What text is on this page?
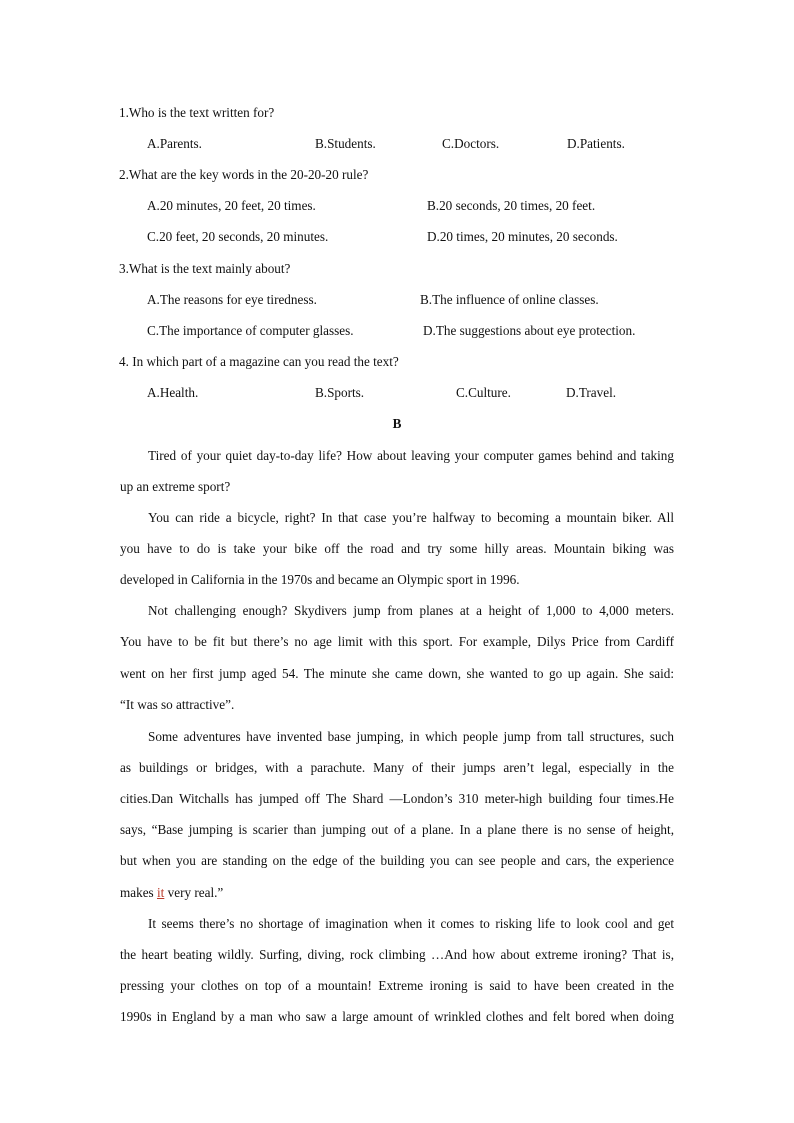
1.Who is the text written for?
A.Parents.	B.Students.	C.Doctors.	D.Patients.
2.What are the key words in the 20-20-20 rule?
A.20 minutes, 20 feet, 20 times.	B.20 seconds, 20 times, 20 feet.
C.20 feet, 20 seconds, 20 minutes.	D.20 times, 20 minutes, 20 seconds.
3.What is the text mainly about?
A.The reasons for eye tiredness.	B.The influence of online classes.
C.The importance of computer glasses.	D.The suggestions about eye protection.
4. In which part of a magazine can you read the text?
A.Health.	B.Sports.	C.Culture.	D.Travel.
B
Tired of your quiet day-to-day life? How about leaving your computer games behind and taking
up an extreme sport?
You can ride a bicycle, right? In that case you’re halfway to becoming a mountain biker. All
you have to do is take your bike off the road and try some hilly areas. Mountain biking was
developed in California in the 1970s and became an Olympic sport in 1996.
Not challenging enough? Skydivers jump from planes at a height of 1,000 to 4,000 meters.
You have to be fit but there’s no age limit with this sport. For example, Dilys Price from Cardiff
went on her first jump aged 54. The minute she came down, she wanted to go up again. She said:
“It was so attractive”.
Some adventures have invented base jumping, in which people jump from tall structures, such
as buildings or bridges, with a parachute. Many of their jumps aren’t legal, especially in the
cities.Dan Witchalls has jumped off The Shard —London’s 310 meter-high building four times.He
says, “Base jumping is scarier than jumping out of a plane. In a plane there is no sense of height,
but when you are standing on the edge of the building you can see people and cars, the experience
makes it very real.”
It seems there’s no shortage of imagination when it comes to risking life to look cool and get
the heart beating wildly. Surfing, diving, rock climbing …And how about extreme ironing? That is,
pressing your clothes on top of a mountain! Extreme ironing is said to have been created in the
1990s in England by a man who saw a large amount of wrinkled clothes and felt bored when doing
